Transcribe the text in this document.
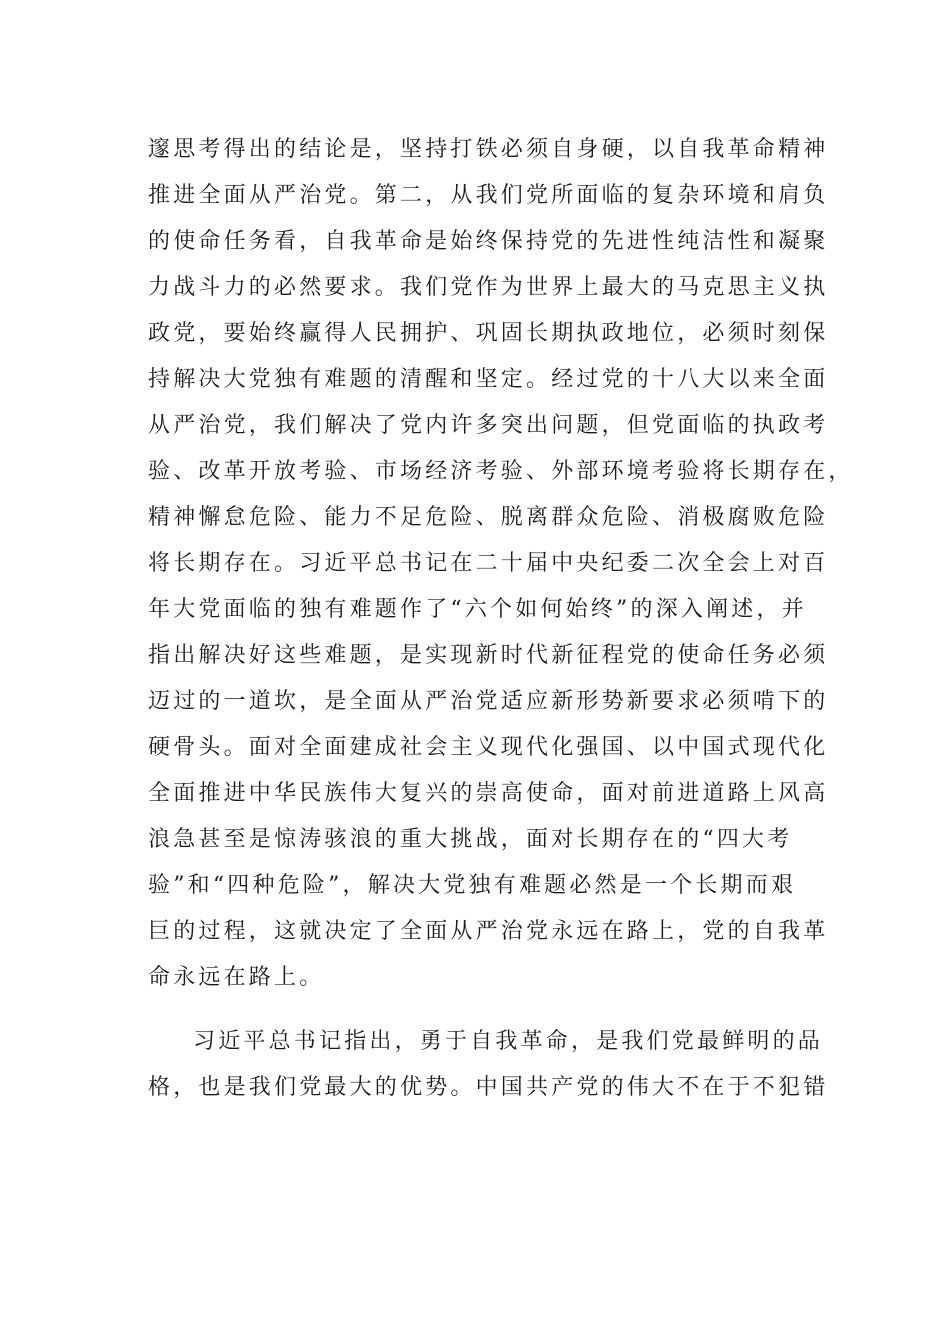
邃思考得出的结论是，坚持打铁必须自身硬，以自我革命精神
推进全面从严治党。第二，从我们党所面临的复杂环境和肩负
的使命任务看，自我革命是始终保持党的先进性纯洁性和凝聚
力战斗力的必然要求。我们党作为世界上最大的马克思主义执
政党，要始终赢得人民拥护、巩固长期执政地位，必须时刻保
持解决大党独有难题的清醒和坚定。经过党的十八大以来全面
从严治党，我们解决了党内许多突出问题，但党面临的执政考
验、改革开放考验、市场经济考验、外部环境考验将长期存在，
精神懈怠危险、能力不足危险、脱离群众危险、消极腐败危险
将长期存在。习近平总书记在二十届中央纪委二次全会上对百
年大党面临的独有难题作了“六个如何始终”的深入阐述，并
指出解决好这些难题，是实现新时代新征程党的使命任务必须
迈过的一道坎，是全面从严治党适应新形势新要求必须啃下的
硬骨头。面对全面建成社会主义现代化强国、以中国式现代化
全面推进中华民族伟大复兴的崇高使命，面对前进道路上风高
浪急甚至是惊涛骇浪的重大挑战，面对长期存在的“四大考
验”和“四种危险”，解决大党独有难题必然是一个长期而艰
巨的过程，这就决定了全面从严治党永远在路上，党的自我革
命永远在路上。
习近平总书记指出，勇于自我革命，是我们党最鲜明的品
格，也是我们党最大的优势。中国共产党的伟大不在于不犯错
